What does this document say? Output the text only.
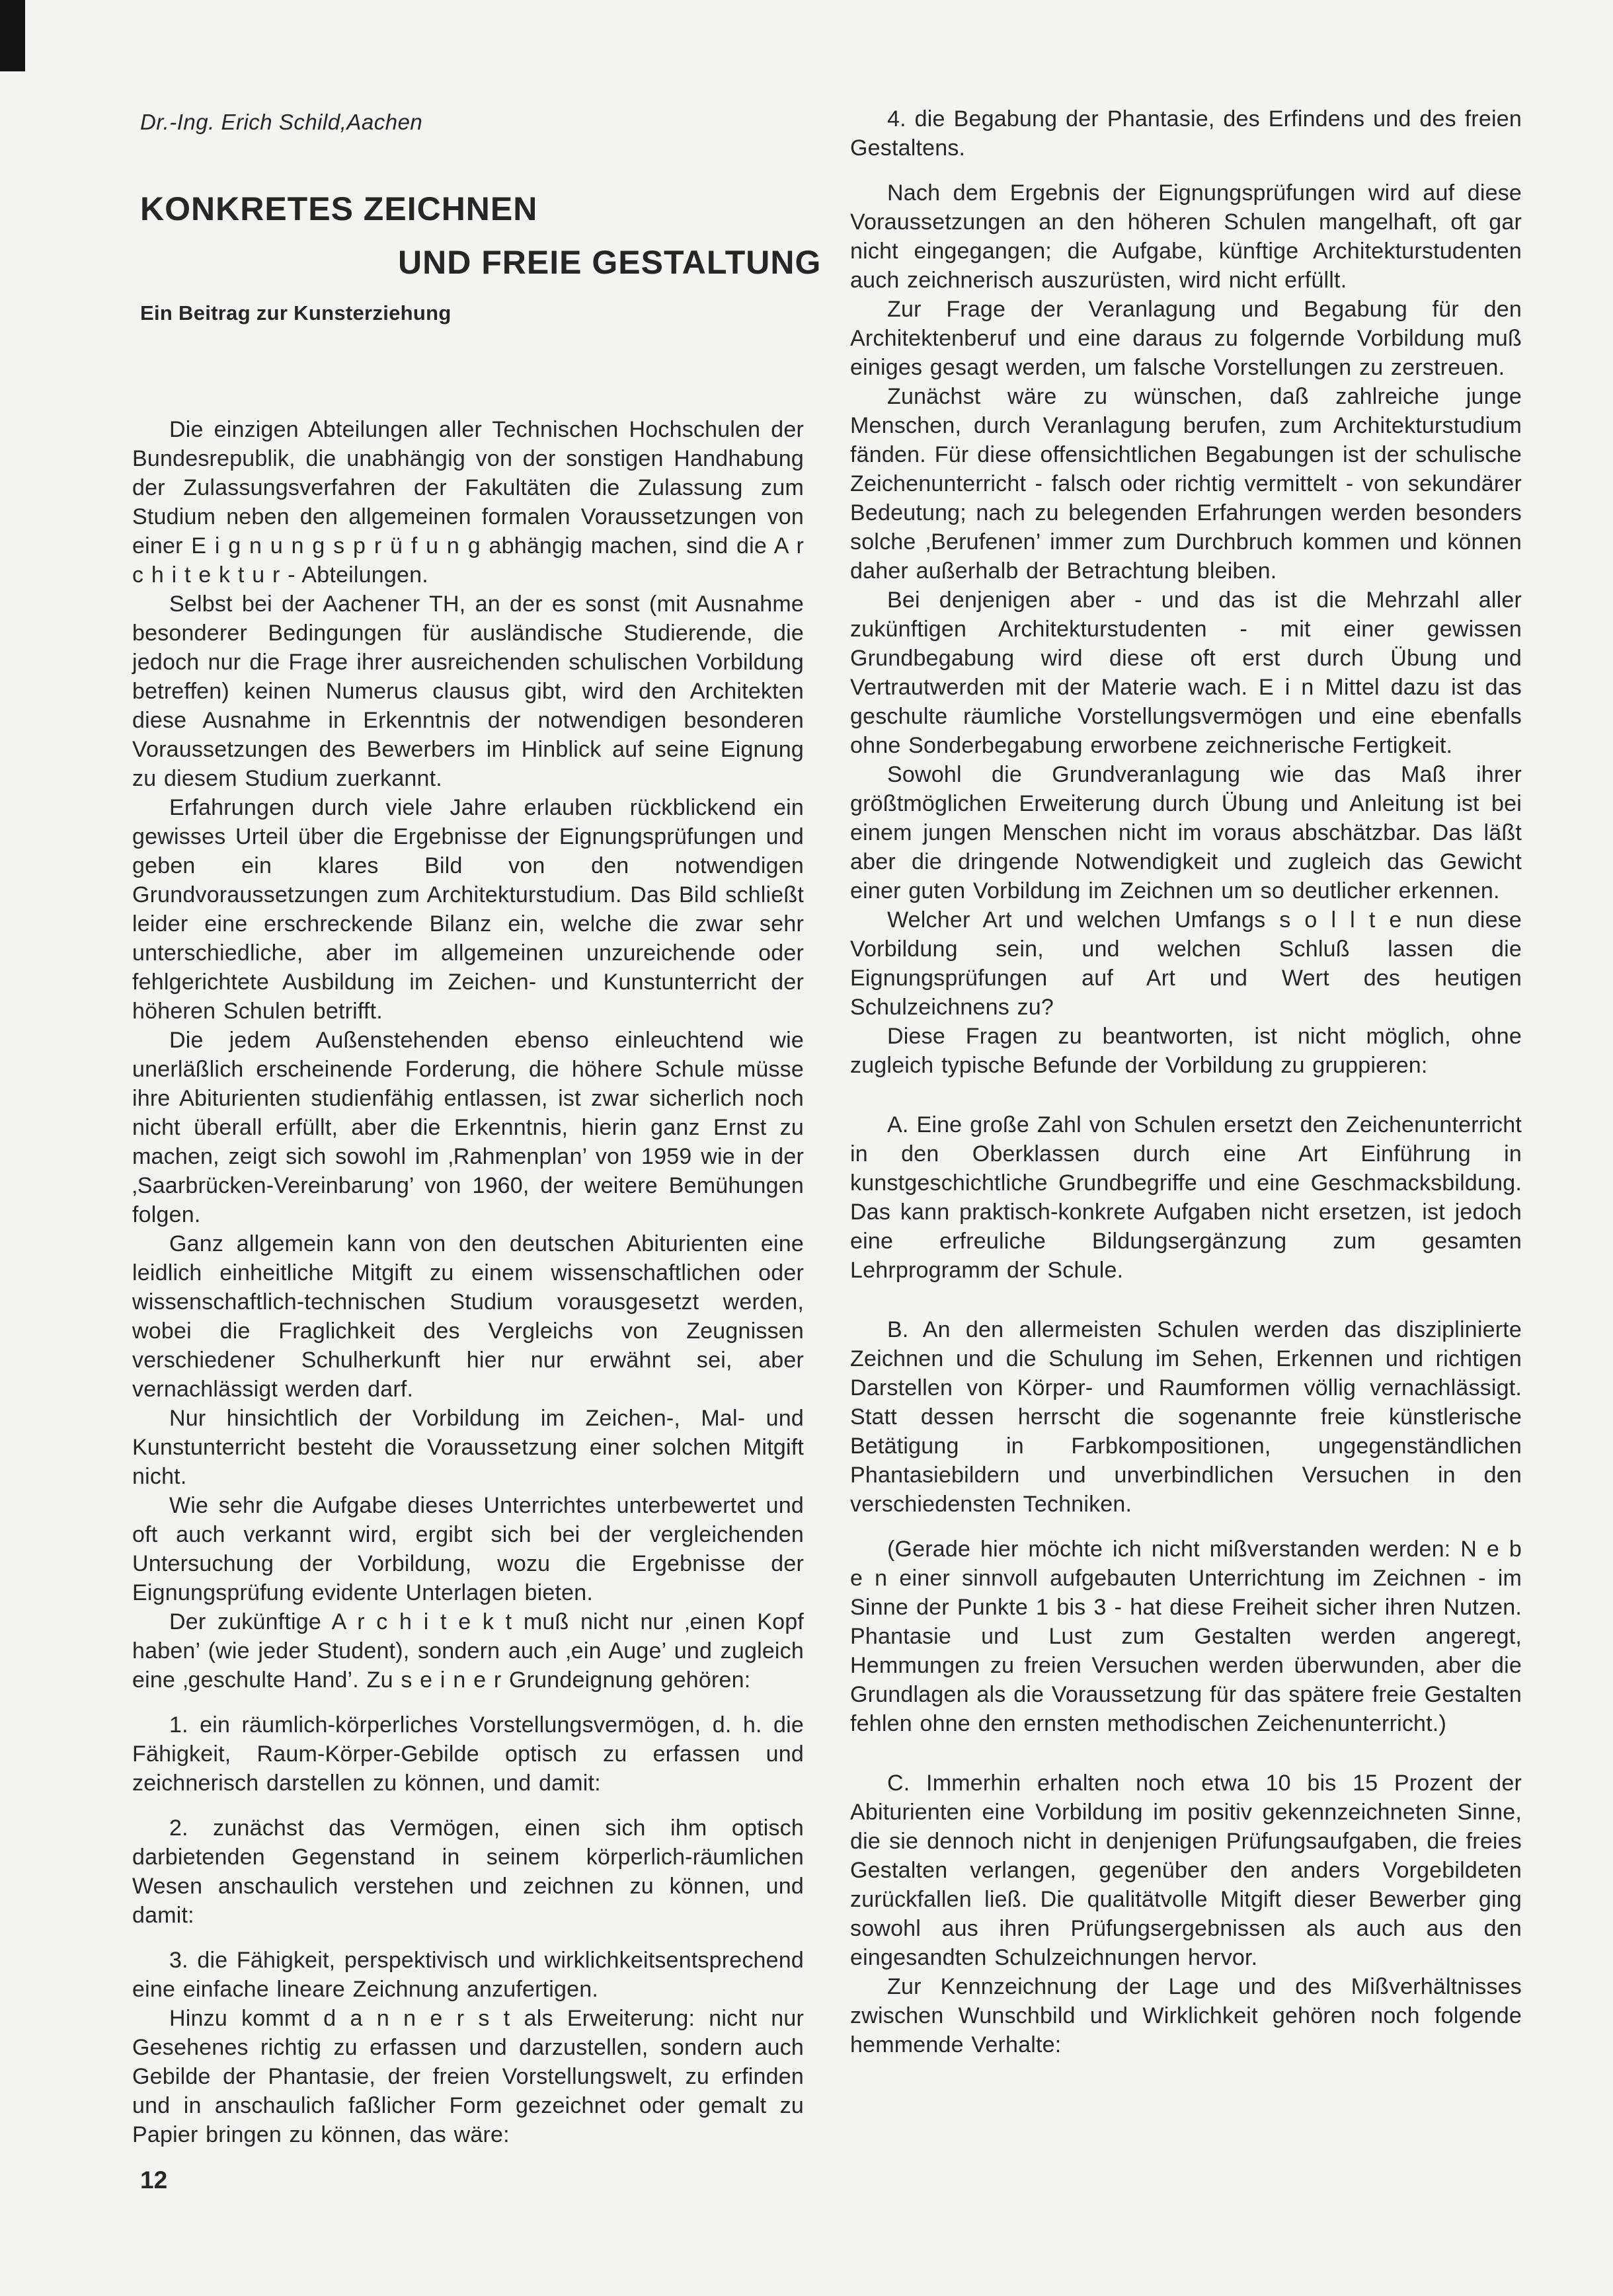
Dr.-Ing. Erich Schild,Aachen
KONKRETES ZEICHNEN
UND FREIE GESTALTUNG
Ein Beitrag zur Kunsterziehung

Die einzigen Abteilungen aller Technischen Hochschulen der Bundesrepublik, die unabhängig von der sonstigen Handhabung der Zulassungsverfahren der Fakultäten die Zulassung zum Studium neben den allgemeinen formalen Voraussetzungen von einer E i g n u n g s p r ü f u n g abhängig machen, sind die A r c h i t e k t u r - Abteilungen.

Selbst bei der Aachener TH, an der es sonst (mit Ausnahme besonderer Bedingungen für ausländische Studierende, die jedoch nur die Frage ihrer ausreichenden schulischen Vorbildung betreffen) keinen Numerus clausus gibt, wird den Architekten diese Ausnahme in Erkenntnis der notwendigen besonderen Voraussetzungen des Bewerbers im Hinblick auf seine Eignung zu diesem Studium zuerkannt.

Erfahrungen durch viele Jahre erlauben rückblickend ein gewisses Urteil über die Ergebnisse der Eignungsprüfungen und geben ein klares Bild von den notwendigen Grundvoraussetzungen zum Architekturstudium. Das Bild schließt leider eine erschreckende Bilanz ein, welche die zwar sehr unterschiedliche, aber im allgemeinen unzureichende oder fehlgerichtete Ausbildung im Zeichen- und Kunstunterricht der höheren Schulen betrifft.

Die jedem Außenstehenden ebenso einleuchtend wie unerläßlich erscheinende Forderung, die höhere Schule müsse ihre Abiturienten studienfähig entlassen, ist zwar sicherlich noch nicht überall erfüllt, aber die Erkenntnis, hierin ganz Ernst zu machen, zeigt sich sowohl im ‚Rahmenplan’ von 1959 wie in der ‚Saarbrücken-Vereinbarung’ von 1960, der weitere Bemühungen folgen.

Ganz allgemein kann von den deutschen Abiturienten eine leidlich einheitliche Mitgift zu einem wissenschaftlichen oder wissenschaftlich-technischen Studium vorausgesetzt werden, wobei die Fraglichkeit des Vergleichs von Zeugnissen verschiedener Schulherkunft hier nur erwähnt sei, aber vernachlässigt werden darf.

Nur hinsichtlich der Vorbildung im Zeichen-, Mal- und Kunstunterricht besteht die Voraussetzung einer solchen Mitgift nicht.

Wie sehr die Aufgabe dieses Unterrichtes unterbewertet und oft auch verkannt wird, ergibt sich bei der vergleichenden Untersuchung der Vorbildung, wozu die Ergebnisse der Eignungsprüfung evidente Unterlagen bieten.

Der zukünftige A r c h i t e k t muß nicht nur ‚einen Kopf haben’ (wie jeder Student), sondern auch ‚ein Auge’ und zugleich eine ‚geschulte Hand’. Zu s e i n e r Grundeignung gehören:

1. ein räumlich-körperliches Vorstellungsvermögen, d. h. die Fähigkeit, Raum-Körper-Gebilde optisch zu erfassen und zeichnerisch darstellen zu können, und damit:

2. zunächst das Vermögen, einen sich ihm optisch darbietenden Gegenstand in seinem körperlich-räumlichen Wesen anschaulich verstehen und zeichnen zu können, und damit:

3. die Fähigkeit, perspektivisch und wirklichkeitsentsprechend eine einfache lineare Zeichnung anzufertigen.

Hinzu kommt d a n n e r s t als Erweiterung: nicht nur Gesehenes richtig zu erfassen und darzustellen, sondern auch Gebilde der Phantasie, der freien Vorstellungswelt, zu erfinden und in anschaulich faßlicher Form gezeichnet oder gemalt zu Papier bringen zu können, das wäre:

4. die Begabung der Phantasie, des Erfindens und des freien Gestaltens.

Nach dem Ergebnis der Eignungsprüfungen wird auf diese Voraussetzungen an den höheren Schulen mangelhaft, oft gar nicht eingegangen; die Aufgabe, künftige Architekturstudenten auch zeichnerisch auszurüsten, wird nicht erfüllt.

Zur Frage der Veranlagung und Begabung für den Architektenberuf und eine daraus zu folgernde Vorbildung muß einiges gesagt werden, um falsche Vorstellungen zu zerstreuen.

Zunächst wäre zu wünschen, daß zahlreiche junge Menschen, durch Veranlagung berufen, zum Architekturstudium fänden. Für diese offensichtlichen Begabungen ist der schulische Zeichenunterricht - falsch oder richtig vermittelt - von sekundärer Bedeutung; nach zu belegenden Erfahrungen werden besonders solche ‚Berufenen’ immer zum Durchbruch kommen und können daher außerhalb der Betrachtung bleiben.

Bei denjenigen aber - und das ist die Mehrzahl aller zukünftigen Architekturstudenten - mit einer gewissen Grundbegabung wird diese oft erst durch Übung und Vertrautwerden mit der Materie wach. E i n Mittel dazu ist das geschulte räumliche Vorstellungsvermögen und eine ebenfalls ohne Sonderbegabung erworbene zeichnerische Fertigkeit.

Sowohl die Grundveranlagung wie das Maß ihrer größtmöglichen Erweiterung durch Übung und Anleitung ist bei einem jungen Menschen nicht im voraus abschätzbar. Das läßt aber die dringende Notwendigkeit und zugleich das Gewicht einer guten Vorbildung im Zeichnen um so deutlicher erkennen.

Welcher Art und welchen Umfangs s o l l t e nun diese Vorbildung sein, und welchen Schluß lassen die Eignungsprüfungen auf Art und Wert des heutigen Schulzeichnens zu?

Diese Fragen zu beantworten, ist nicht möglich, ohne zugleich typische Befunde der Vorbildung zu gruppieren:

A. Eine große Zahl von Schulen ersetzt den Zeichenunterricht in den Oberklassen durch eine Art Einführung in kunstgeschichtliche Grundbegriffe und eine Geschmacksbildung. Das kann praktisch-konkrete Aufgaben nicht ersetzen, ist jedoch eine erfreuliche Bildungsergänzung zum gesamten Lehrprogramm der Schule.

B. An den allermeisten Schulen werden das disziplinierte Zeichnen und die Schulung im Sehen, Erkennen und richtigen Darstellen von Körper- und Raumformen völlig vernachlässigt. Statt dessen herrscht die sogenannte freie künstlerische Betätigung in Farbkompositionen, ungegenständlichen Phantasiebildern und unverbindlichen Versuchen in den verschiedensten Techniken.

(Gerade hier möchte ich nicht mißverstanden werden: N e b e n einer sinnvoll aufgebauten Unterrichtung im Zeichnen - im Sinne der Punkte 1 bis 3 - hat diese Freiheit sicher ihren Nutzen. Phantasie und Lust zum Gestalten werden angeregt, Hemmungen zu freien Versuchen werden überwunden, aber die Grundlagen als die Voraussetzung für das spätere freie Gestalten fehlen ohne den ernsten methodischen Zeichenunterricht.)

C. Immerhin erhalten noch etwa 10 bis 15 Prozent der Abiturienten eine Vorbildung im positiv gekennzeichneten Sinne, die sie dennoch nicht in denjenigen Prüfungsaufgaben, die freies Gestalten verlangen, gegenüber den anders Vorgebildeten zurückfallen ließ. Die qualitätvolle Mitgift dieser Bewerber ging sowohl aus ihren Prüfungsergebnissen als auch aus den eingesandten Schulzeichnungen hervor.

Zur Kennzeichnung der Lage und des Mißverhältnisses zwischen Wunschbild und Wirklichkeit gehören noch folgende hemmende Verhalte:

12
